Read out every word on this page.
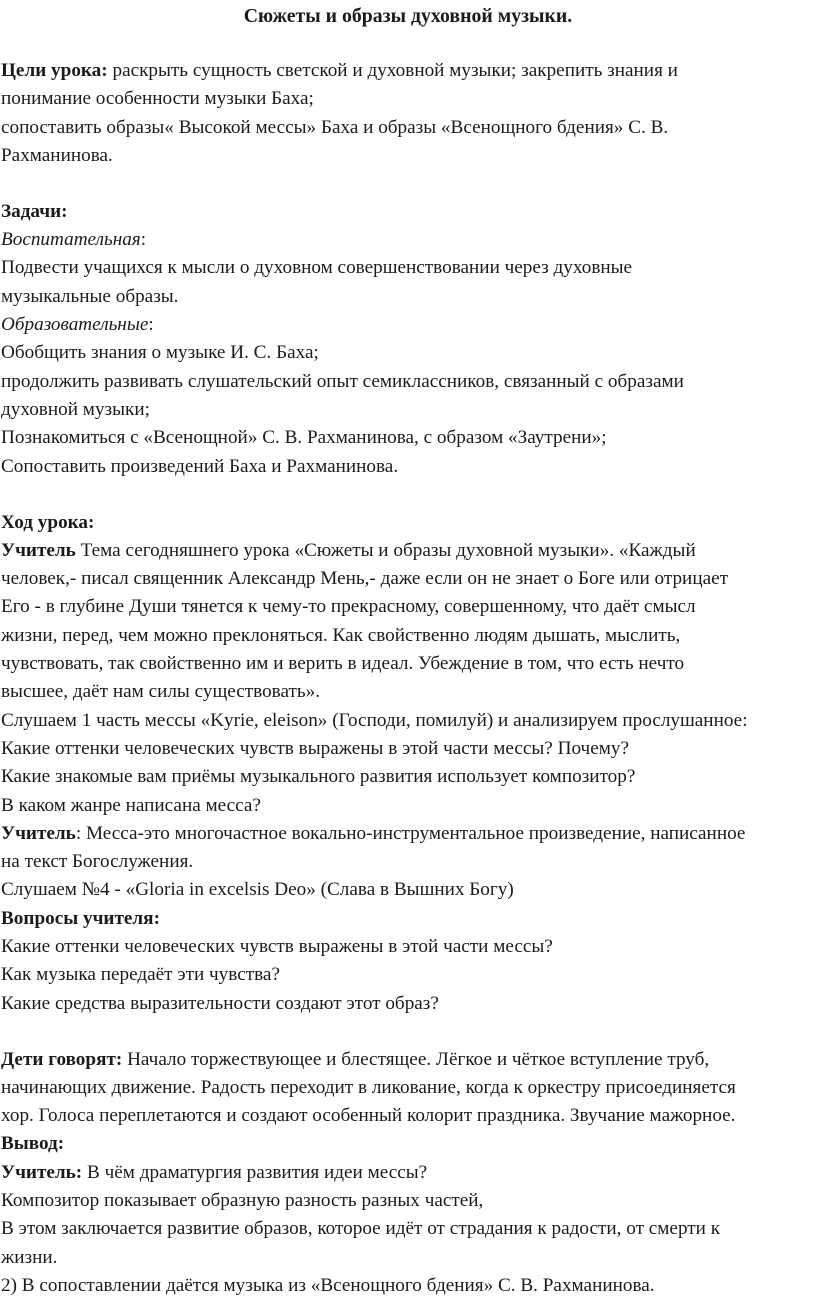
Сюжеты и образы духовной музыки.
Цели урока: раскрыть сущность светской и духовной музыки; закрепить знания и
понимание особенности музыки Баха;
сопоставить образы« Высокой мессы» Баха и образы «Всенощного бдения» С. В.
Рахманинова.
Задачи:
Воспитательная:
Подвести учащихся к мысли о духовном совершенствовании через духовные
музыкальные образы.
Образовательные:
Обобщить знания о музыке И. С. Баха;
продолжить развивать слушательский опыт семиклассников, связанный с образами
духовной музыки;
Познакомиться с «Всенощной» С. В. Рахманинова, с образом «Заутрени»;
Сопоставить произведений Баха и Рахманинова.
Ход урока:
Учитель Тема сегодняшнего урока «Сюжеты и образы духовной музыки». «Каждый
человек,- писал священник Александр Мень,- даже если он не знает о Боге или отрицает
Его - в глубине Души тянется к чему-то прекрасному, совершенному, что даёт смысл
жизни, перед, чем можно преклоняться. Как свойственно людям дышать, мыслить,
чувствовать, так свойственно им и верить в идеал. Убеждение в том, что есть нечто
высшее, даёт нам силы существовать».
Слушаем 1 часть мессы «Kyrie, eleison» (Господи, помилуй) и анализируем прослушанное:
Какие оттенки человеческих чувств выражены в этой части мессы? Почему?
Какие знакомые вам приёмы музыкального развития использует композитор?
В каком жанре написана месса?
Учитель: Месса-это многочастное вокально-инструментальное произведение, написанное
на текст Богослужения.
Слушаем №4 - «Gloria in excelsis Deo» (Слава в Вышних Богу)
Вопросы учителя:
Какие оттенки человеческих чувств выражены в этой части мессы?
Как музыка передаёт эти чувства?
Какие средства выразительности создают этот образ?
Дети говорят: Начало торжествующее и блестящее. Лёгкое и чёткое вступление труб,
начинающих движение. Радость переходит в ликование, когда к оркестру присоединяется
хор. Голоса переплетаются и создают особенный колорит праздника. Звучание мажорное.
Вывод:
Учитель: В чём драматургия развития идеи мессы?
Композитор показывает образную разность разных частей,
В этом заключается развитие образов, которое идёт от страдания к радости, от смерти к
жизни.
2) В сопоставлении даётся музыка из «Всенощного бдения» С. В. Рахманинова.
